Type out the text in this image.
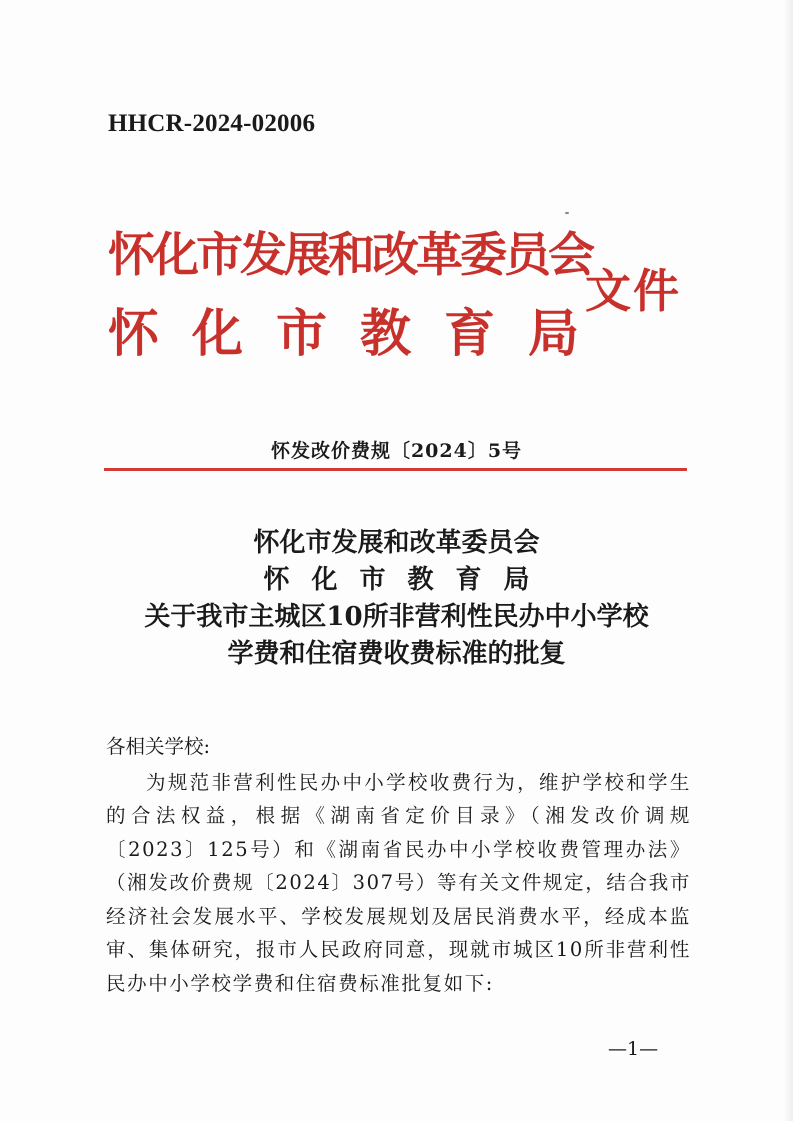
HHCR-2024-02006
怀化市发展和改革委员会
怀化市教育局
文件
怀发改价费规〔2024〕5号
怀化市发展和改革委员会
怀化市教育局
关于我市主城区10所非营利性民办中小学校
学费和住宿费收费标准的批复
各相关学校:
为规范非营利性民办中小学校收费行为，维护学校和学生的合法权益，根据《湖南省定价目录》（湘发改价调规〔2023〕125号）和《湖南省民办中小学校收费管理办法》（湘发改价费规〔2024〕307号）等有关文件规定，结合我市经济社会发展水平、学校发展规划及居民消费水平，经成本监审、集体研究，报市人民政府同意，现就市城区10所非营利性民办中小学校学费和住宿费标准批复如下:
—1—
